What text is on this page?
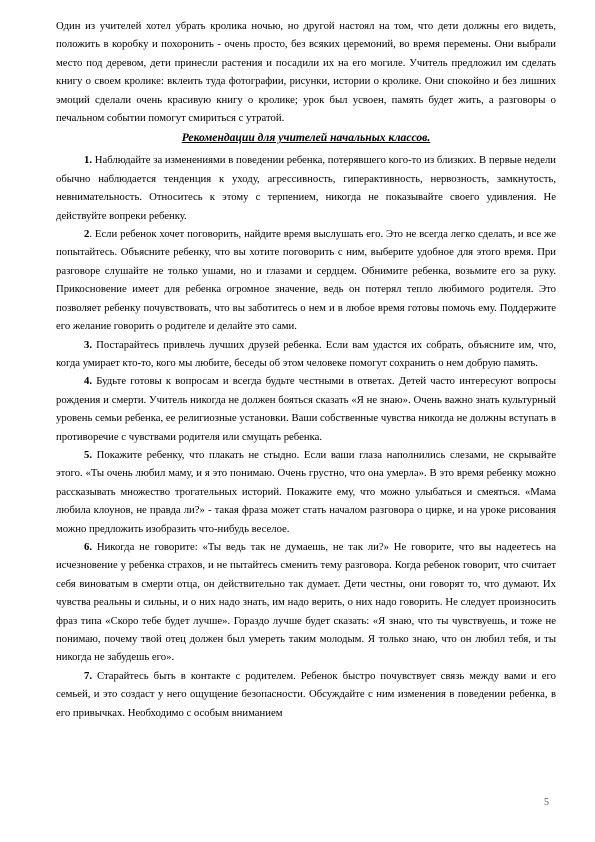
Один из учителей хотел убрать кролика ночью, но другой настоял на том, что дети должны его видеть, положить в коробку и похоронить - очень просто, без всяких церемоний, во время перемены. Они выбрали место под деревом, дети принесли растения и посадили их на его могиле. Учитель предложил им сделать книгу о своем кролике: вклеить туда фотографии, рисунки, истории о кролике. Они спокойно и без лишних эмоций сделали очень красивую книгу о кролике; урок был усвоен, память будет жить, а разговоры о печальном событии помогут смириться с утратой.

Рекомендации для учителей начальных классов.

1. Наблюдайте за изменениями в поведении ребенка, потерявшего кого-то из близких. В первые недели обычно наблюдается тенденция к уходу, агрессивность, гиперактивность, нервозность, замкнутость, невнимательность. Относитесь к этому с терпением, никогда не показывайте своего удивления. Не действуйте вопреки ребенку.

2. Если ребенок хочет поговорить, найдите время выслушать его. Это не всегда легко сделать, и все же попытайтесь. Объясните ребенку, что вы хотите поговорить с ним, выберите удобное для этого время. При разговоре слушайте не только ушами, но и глазами и сердцем. Обнимите ребенка, возьмите его за руку. Прикосновение имеет для ребенка огромное значение, ведь он потерял тепло любимого родителя. Это позволяет ребенку почувствовать, что вы заботитесь о нем и в любое время готовы помочь ему. Поддержите его желание говорить о родителе и делайте это сами.

3. Постарайтесь привлечь лучших друзей ребенка. Если вам удастся их собрать, объясните им, что, когда умирает кто-то, кого мы любите, беседы об этом человеке помогут сохранить о нем добрую память.

4. Будьте готовы к вопросам и всегда будьте честными в ответах. Детей часто интересуют вопросы рождения и смерти. Учитель никогда не должен бояться сказать «Я не знаю». Очень важно знать культурный уровень семьи ребенка, ее религиозные установки. Ваши собственные чувства никогда не должны вступать в противоречие с чувствами родителя или смущать ребенка.

5. Покажите ребенку, что плакать не стыдно. Если ваши глаза наполнились слезами, не скрывайте этого. «Ты очень любил маму, и я это понимаю. Очень грустно, что она умерла». В это время ребенку можно рассказывать множество трогательных историй. Покажите ему, что можно улыбаться и смеяться. «Мама любила клоунов, не правда ли?» - такая фраза может стать началом разговора о цирке, и на уроке рисования можно предложить изобразить что-нибудь веселое.

6. Никогда не говорите: «Ты ведь так не думаешь, не так ли?» Не говорите, что вы надеетесь на исчезновение у ребенка страхов, и не пытайтесь сменить тему разговора. Когда ребенок говорит, что считает себя виноватым в смерти отца, он действительно так думает. Дети честны, они говорят то, что думают. Их чувства реальны и сильны, и о них надо знать, им надо верить, о них надо говорить. Не следует произносить фраз типа «Скоро тебе будет лучше». Гораздо лучше будет сказать: «Я знаю, что ты чувствуешь, и тоже не понимаю, почему твой отец должен был умереть таким молодым. Я только знаю, что он любил тебя, и ты никогда не забудешь его».

7. Старайтесь быть в контакте с родителем. Ребенок быстро почувствует связь между вами и его семьей, и это создаст у него ощущение безопасности. Обсуждайте с ним изменения в поведении ребенка, в его привычках. Необходимо с особым вниманием

5
